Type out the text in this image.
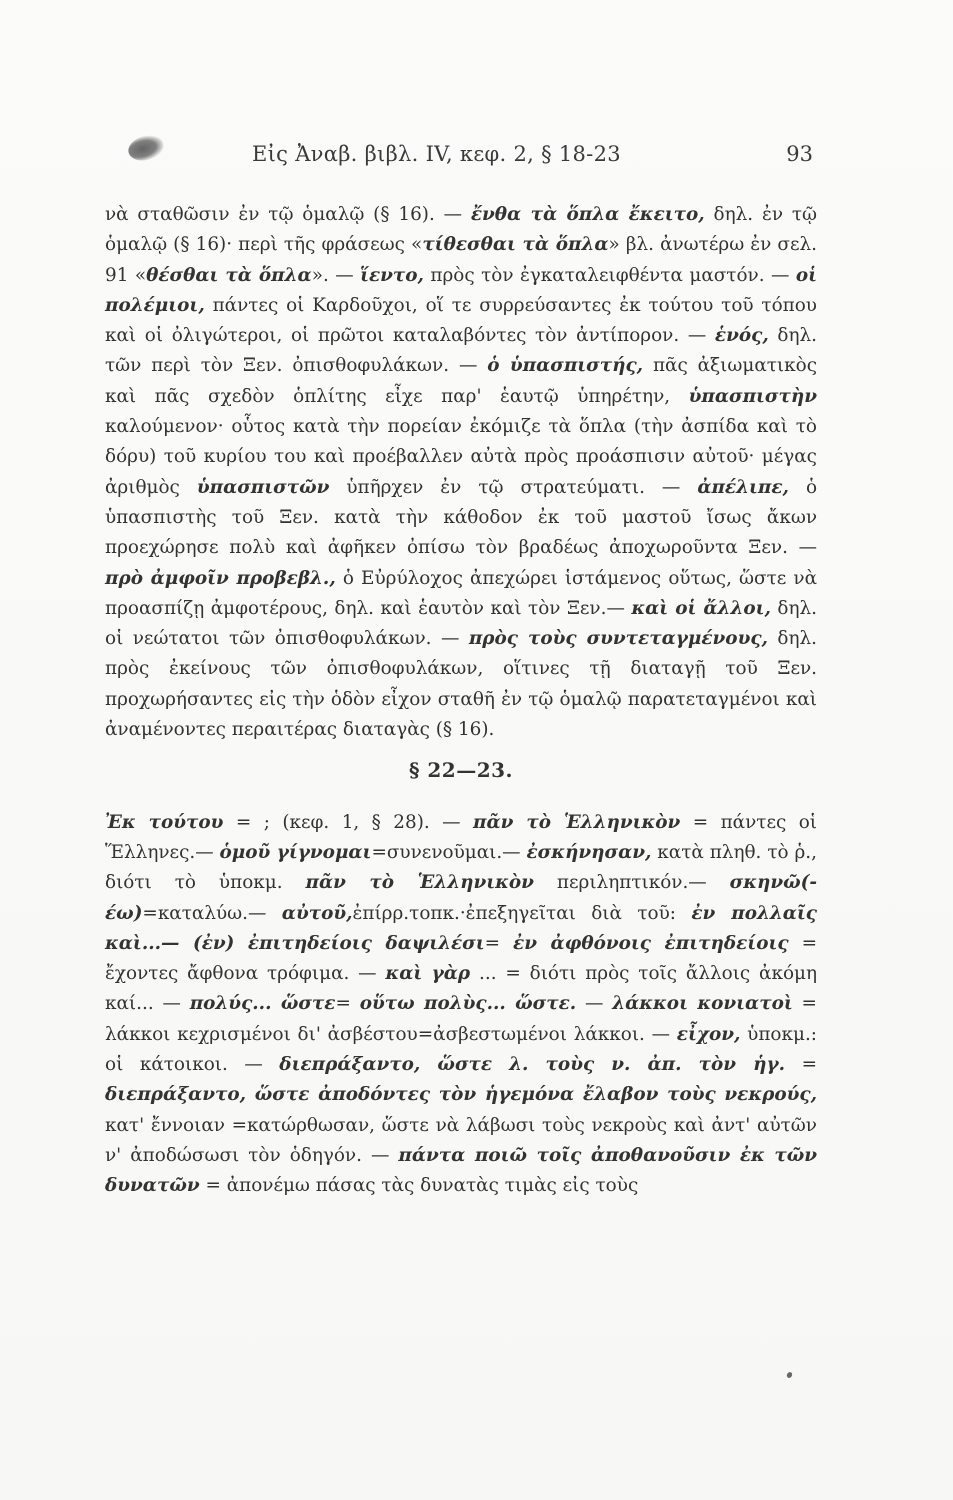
Εἰς Ἀναβ. βιβλ. IV, κεφ. 2, § 18-23	93

νὰ σταθῶσιν ἐν τῷ ὁμαλῷ (§ 16). — ἔνθα τὰ ὅπλα ἔκειτο, δηλ. ἐν τῷ ὁμαλῷ (§ 16)· περὶ τῆς φράσεως «τίθεσθαι τὰ ὅπλα» βλ. ἀνωτέρω ἐν σελ. 91 «θέσθαι τὰ ὅπλα». — ἵεντο, πρὸς τὸν ἐγκαταλειφθέντα μαστόν. — οἱ πολέμιοι, πάντες οἱ Καρδοῦχοι, οἵ τε συρρεύσαντες ἐκ τούτου τοῦ τόπου καὶ οἱ ὀλιγώτεροι, οἱ πρῶτοι καταλαβόντες τὸν ἀντίπορον. — ἑνός, δηλ. τῶν περὶ τὸν Ξεν. ὀπισθοφυλάκων. — ὁ ὑπασπιστής, πᾶς ἀξιωματικὸς καὶ πᾶς σχεδὸν ὁπλίτης εἶχε παρ' ἑαυτῷ ὑπηρέτην, ὑπασπιστὴν καλούμενον· οὗτος κατὰ τὴν πορείαν ἐκόμιζε τὰ ὅπλα (τὴν ἀσπίδα καὶ τὸ δόρυ) τοῦ κυρίου του καὶ προέβαλλεν αὐτὰ πρὸς προάσπισιν αὐτοῦ· μέγας ἀριθμὸς ὑπασπιστῶν ὑπῆρχεν ἐν τῷ στρατεύματι. — ἀπέλιπε, ὁ ὑπασπιστὴς τοῦ Ξεν. κατὰ τὴν κάθοδον ἐκ τοῦ μαστοῦ ἴσως ἄκων προεχώρησε πολὺ καὶ ἀφῆκεν ὀπίσω τὸν βραδέως ἀποχωροῦντα Ξεν. — πρὸ ἀμφοῖν προβεβλ., ὁ Εὐρύλοχος ἀπεχώρει ἱστάμενος οὕτως, ὥστε νὰ προασπίζῃ ἀμφοτέρους, δηλ. καὶ ἑαυτὸν καὶ τὸν Ξεν.— καὶ οἱ ἄλλοι, δηλ. οἱ νεώτατοι τῶν ὀπισθοφυλάκων. — πρὸς τοὺς συντεταγμένους, δηλ. πρὸς ἐκείνους τῶν ὀπισθοφυλάκων, οἵτινες τῇ διαταγῇ τοῦ Ξεν. προχωρήσαντες εἰς τὴν ὁδὸν εἶχον σταθῆ ἐν τῷ ὁμαλῷ παρατεταγμένοι καὶ ἀναμένοντες περαιτέρας διαταγὰς (§ 16).

§ 22—23.

Ἐκ τούτου = ; (κεφ. 1, § 28). — πᾶν τὸ Ἑλληνικὸν = πάντες οἱ Ἕλληνες.— ὁμοῦ γίγνομαι=συνενοῦμαι.— ἐσκήνησαν, κατὰ πληθ. τὸ ῥ., διότι τὸ ὑποκμ. πᾶν τὸ Ἑλληνικὸν περιληπτικόν.— σκηνῶ(-έω)=καταλύω.— αὐτοῦ,ἐπίρρ.τοπκ.·ἐπεξηγεῖται διὰ τοῦ: ἐν πολλαῖς καὶ...— (ἐν) ἐπιτηδείοις δαψιλέσι= ἐν ἀφθόνοις ἐπιτηδείοις = ἔχοντες ἄφθονα τρόφιμα. — καὶ γὰρ ... = διότι πρὸς τοῖς ἄλλοις ἀκόμη καί... — πολύς... ὥστε= οὕτω πολὺς... ὥστε. — λάκκοι κονιατοὶ = λάκκοι κεχρισμένοι δι' ἀσβέστου=ἀσβεστωμένοι λάκκοι. — εἶχον, ὑποκμ.: οἱ κάτοικοι. — διεπράξαντο, ὥστε λ. τοὺς ν. ἀπ. τὸν ἡγ. = διεπράξαντο, ὥστε ἀποδόντες τὸν ἡγεμόνα ἔλαβον τοὺς νεκρούς, κατ' ἔννοιαν =κατώρθωσαν, ὥστε νὰ λάβωσι τοὺς νεκροὺς καὶ ἀντ' αὐτῶν ν' ἀποδώσωσι τὸν ὁδηγόν. — πάντα ποιῶ τοῖς ἀποθανοῦσιν ἐκ τῶν δυνατῶν = ἀπονέμω πάσας τὰς δυνατὰς τιμὰς εἰς τοὺς
